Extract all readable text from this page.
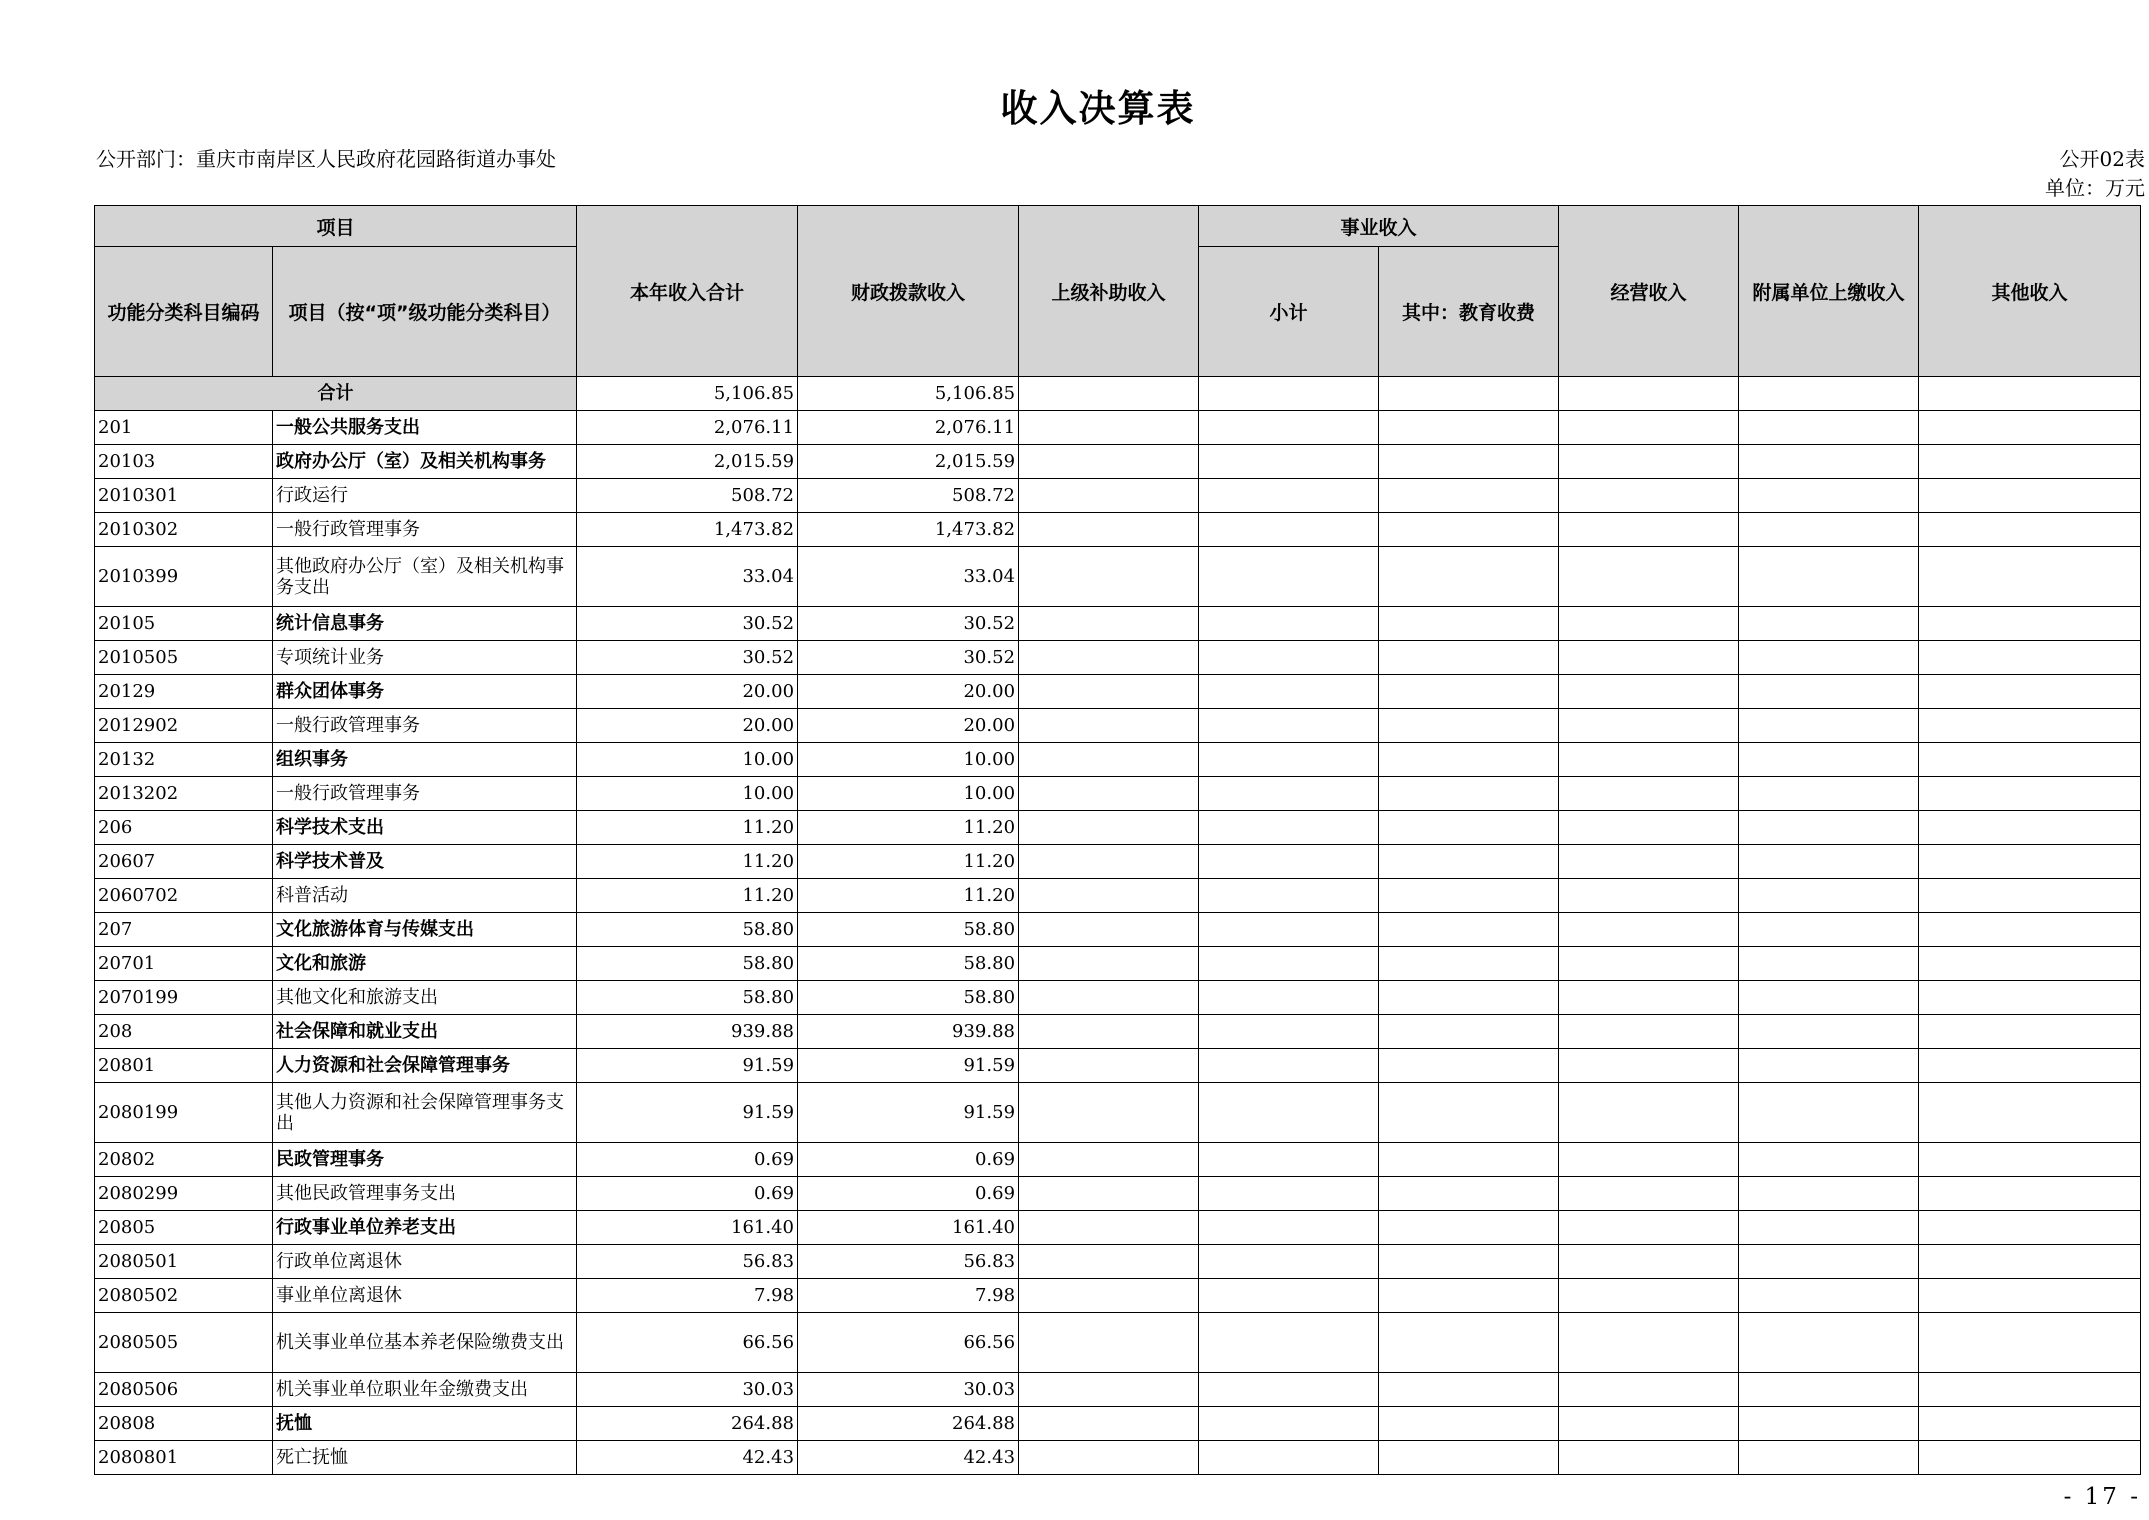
收入决算表
公开部门：重庆市南岸区人民政府花园路街道办事处	公开02表
单位：万元
项目		本年收入合计	财政拨款收入	上级补助收入	事业收入		经营收入	附属单位上缴收入	其他收入
功能分类科目编码	项目（按“项”级功能分类科目）				小计	其中：教育收费			
合计		5,106.85	5,106.85						
201	一般公共服务支出	2,076.11	2,076.11						
20103	政府办公厅（室）及相关机构事务	2,015.59	2,015.59						
2010301	行政运行	508.72	508.72						
2010302	一般行政管理事务	1,473.82	1,473.82						
2010399	其他政府办公厅（室）及相关机构事务支出	33.04	33.04						
20105	统计信息事务	30.52	30.52						
2010505	专项统计业务	30.52	30.52						
20129	群众团体事务	20.00	20.00						
2012902	一般行政管理事务	20.00	20.00						
20132	组织事务	10.00	10.00						
2013202	一般行政管理事务	10.00	10.00						
206	科学技术支出	11.20	11.20						
20607	科学技术普及	11.20	11.20						
2060702	科普活动	11.20	11.20						
207	文化旅游体育与传媒支出	58.80	58.80						
20701	文化和旅游	58.80	58.80						
2070199	其他文化和旅游支出	58.80	58.80						
208	社会保障和就业支出	939.88	939.88						
20801	人力资源和社会保障管理事务	91.59	91.59						
2080199	其他人力资源和社会保障管理事务支出	91.59	91.59						
20802	民政管理事务	0.69	0.69						
2080299	其他民政管理事务支出	0.69	0.69						
20805	行政事业单位养老支出	161.40	161.40						
2080501	行政单位离退休	56.83	56.83						
2080502	事业单位离退休	7.98	7.98						
2080505	机关事业单位基本养老保险缴费支出	66.56	66.56						
2080506	机关事业单位职业年金缴费支出	30.03	30.03						
20808	抚恤	264.88	264.88						
2080801	死亡抚恤	42.43	42.43						
- 17 -
